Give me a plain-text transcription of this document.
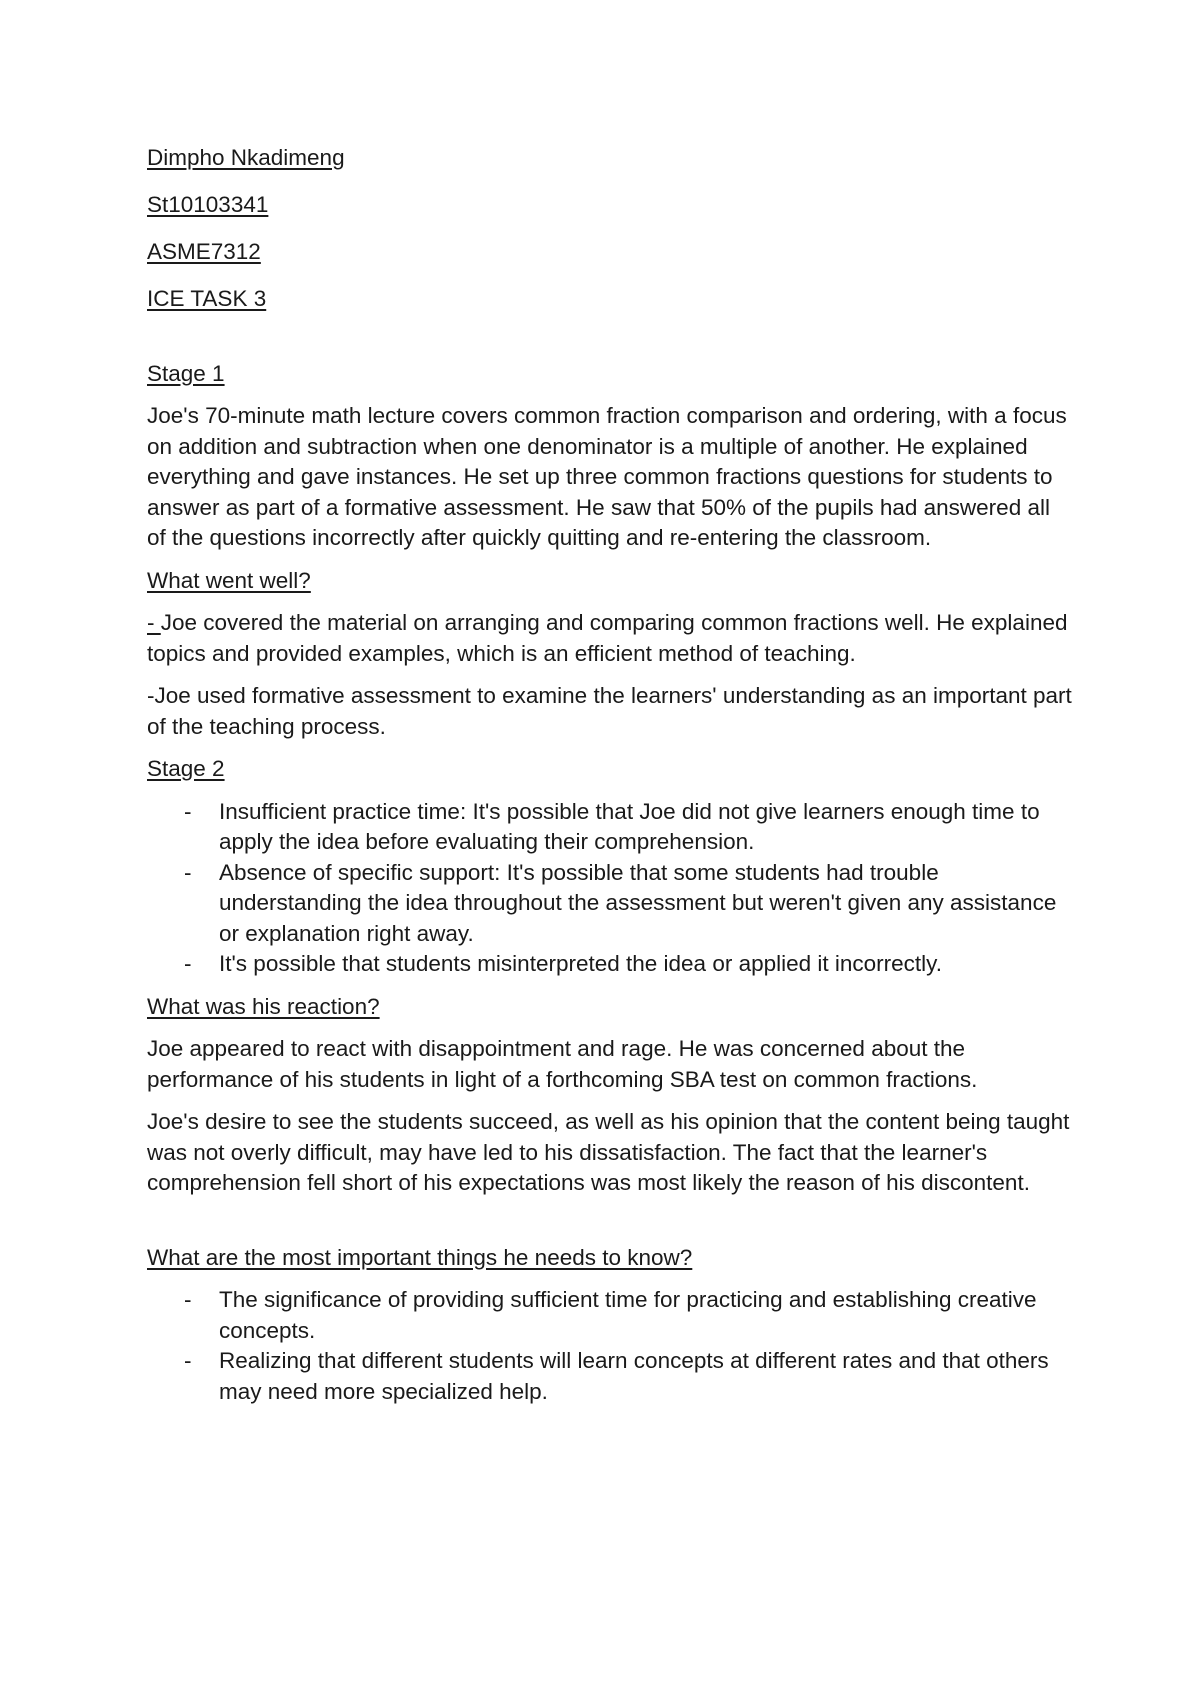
Dimpho Nkadimeng

St10103341

ASME7312

ICE TASK 3

Stage 1

Joe's 70-minute math lecture covers common fraction comparison and ordering, with a focus on addition and subtraction when one denominator is a multiple of another. He explained everything and gave instances. He set up three common fractions questions for students to answer as part of a formative assessment. He saw that 50% of the pupils had answered all of the questions incorrectly after quickly quitting and re-entering the classroom.

What went well?

- Joe covered the material on arranging and comparing common fractions well. He explained topics and provided examples, which is an efficient method of teaching.

-Joe used formative assessment to examine the learners' understanding as an important part of the teaching process.

Stage 2

- Insufficient practice time: It's possible that Joe did not give learners enough time to apply the idea before evaluating their comprehension.
- Absence of specific support: It's possible that some students had trouble understanding the idea throughout the assessment but weren't given any assistance or explanation right away.
- It's possible that students misinterpreted the idea or applied it incorrectly.

What was his reaction?

Joe appeared to react with disappointment and rage. He was concerned about the performance of his students in light of a forthcoming SBA test on common fractions.

Joe's desire to see the students succeed, as well as his opinion that the content being taught was not overly difficult, may have led to his dissatisfaction. The fact that the learner's comprehension fell short of his expectations was most likely the reason of his discontent.

What are the most important things he needs to know?

- The significance of providing sufficient time for practicing and establishing creative concepts.
- Realizing that different students will learn concepts at different rates and that others may need more specialized help.
